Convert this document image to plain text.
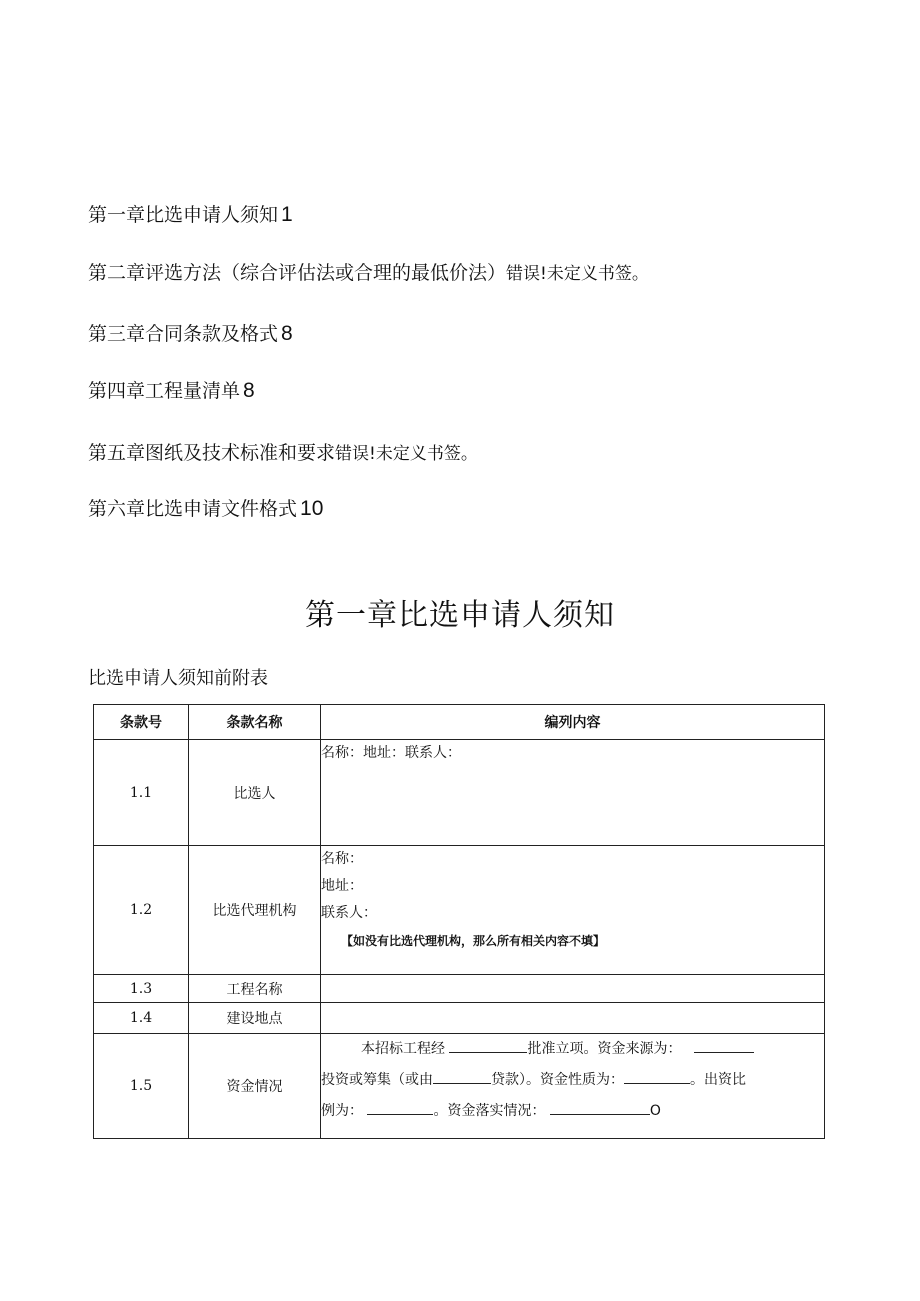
第一章比选申请人须知 1
第二章评选方法（综合评估法或合理的最低价法）错误!未定义书签。
第三章合同条款及格式 8
第四章工程量清单 8
第五章图纸及技术标准和要求错误!未定义书签。
第六章比选申请文件格式 10
第一章比选申请人须知
比选申请人须知前附表
条款号	条款名称	编列内容
1.1	比选人	名称：地址：联系人：

1.2	比选代理机构	名称：
地址：
联系人：
【如没有比选代理机构，那么所有相关内容不填】

1.3	工程名称	
1.4	建设地点	
1.5	资金情况	本招标工程经 批准立项。资金来源为：
投资或筹集（或由 贷款）。资金性质为： 。出资比
例为： 。资金落实情况： O
